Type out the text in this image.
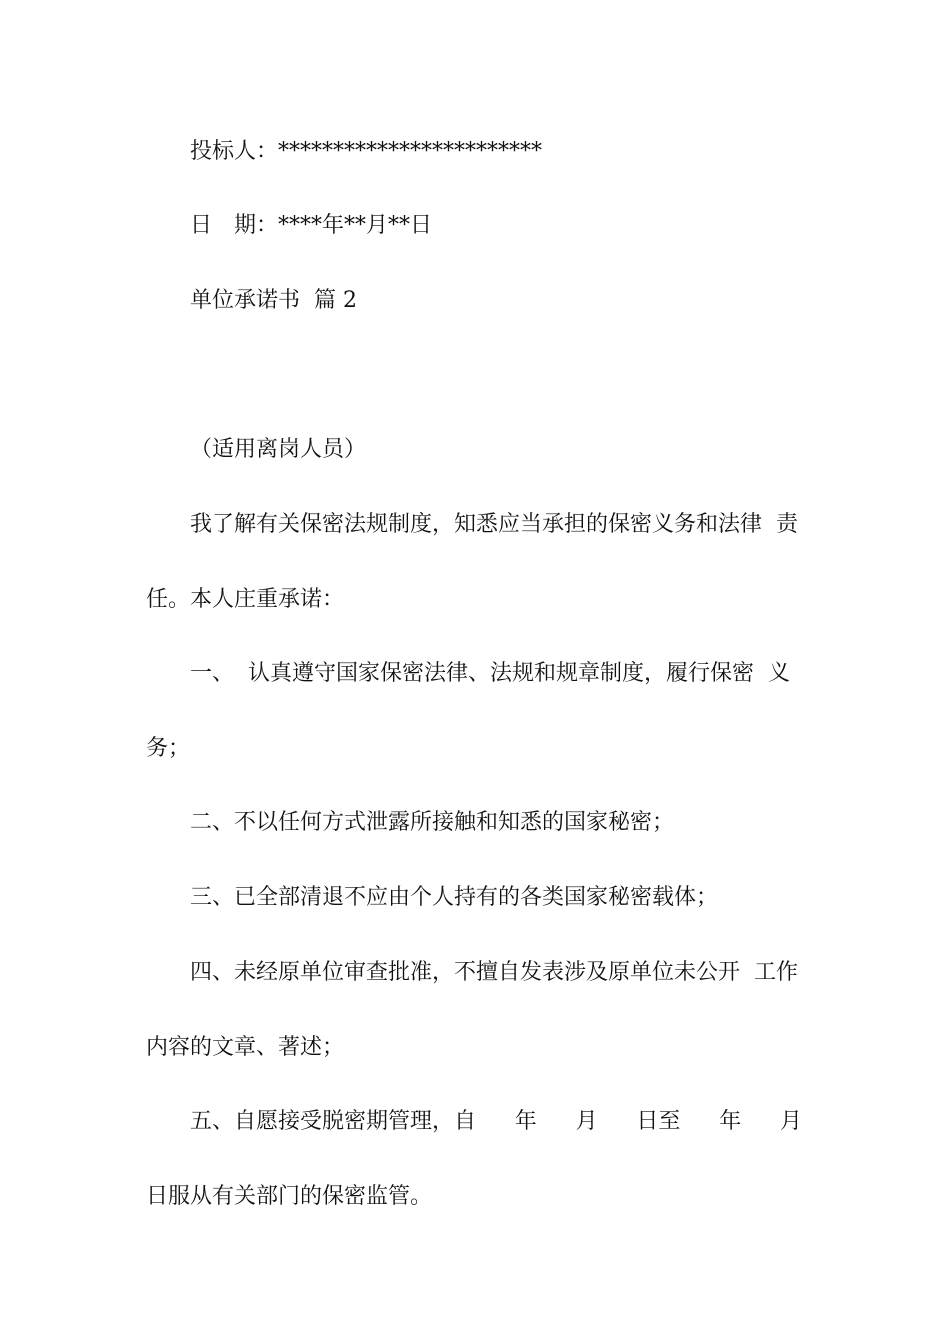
投标人：************************

日　期：****年**月**日

单位承诺书  篇 2

（适用离岗人员）

我了解有关保密法规制度，知悉应当承担的保密义务和法律  责

任。本人庄重承诺：

一、  认真遵守国家保密法律、法规和规章制度，履行保密  义

务；

二、不以任何方式泄露所接触和知悉的国家秘密；

三、已全部清退不应由个人持有的各类国家秘密载体；

四、未经原单位审查批准，不擅自发表涉及原单位未公开  工作

内容的文章、著述；

五、自愿接受脱密期管理，自 年 月 日至 年 月

日服从有关部门的保密监管。
